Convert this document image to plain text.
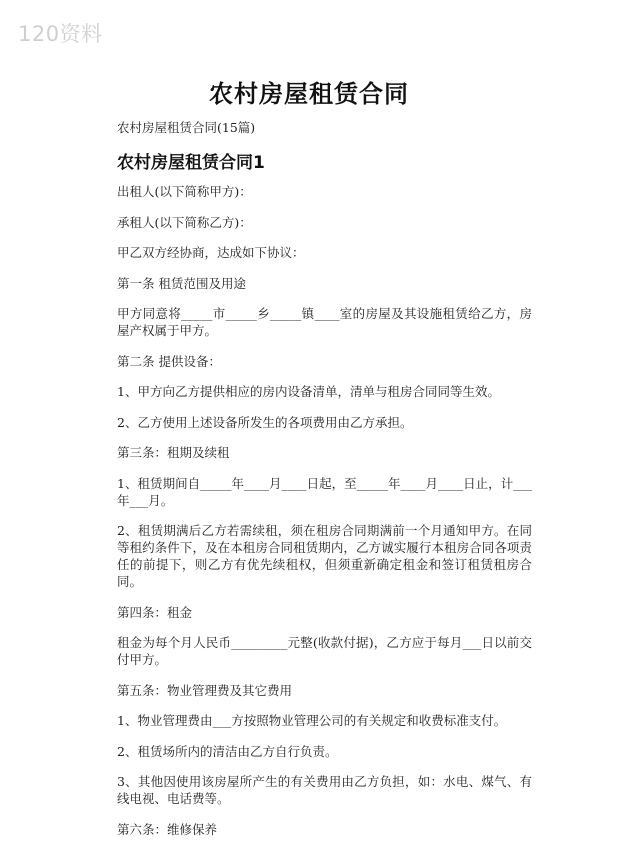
120资料
农村房屋租赁合同
农村房屋租赁合同(15篇)
农村房屋租赁合同1

出租人(以下简称甲方)：

承租人(以下简称乙方)：

甲乙双方经协商，达成如下协议：

第一条 租赁范围及用途

甲方同意将_____市_____乡_____镇____室的房屋及其设施租赁给乙方，房屋产权属于甲方。

第二条 提供设备：

1、甲方向乙方提供相应的房内设备清单，清单与租房合同同等生效。

2、乙方使用上述设备所发生的各项费用由乙方承担。

第三条：租期及续租

1、租赁期间自_____年____月____日起，至_____年____月____日止，计___年___月。

2、租赁期满后乙方若需续租，须在租房合同期满前一个月通知甲方。在同等租约条件下，及在本租房合同租赁期内，乙方诚实履行本租房合同各项责任的前提下，则乙方有优先续租权，但须重新确定租金和签订租赁租房合同。

第四条：租金

租金为每个月人民币_________元整(收款付据)，乙方应于每月___日以前交付甲方。

第五条：物业管理费及其它费用

1、物业管理费由___方按照物业管理公司的有关规定和收费标准支付。

2、租赁场所内的清洁由乙方自行负责。

3、其他因使用该房屋所产生的有关费用由乙方负担，如：水电、煤气、有线电视、电话费等。

第六条：维修保养
